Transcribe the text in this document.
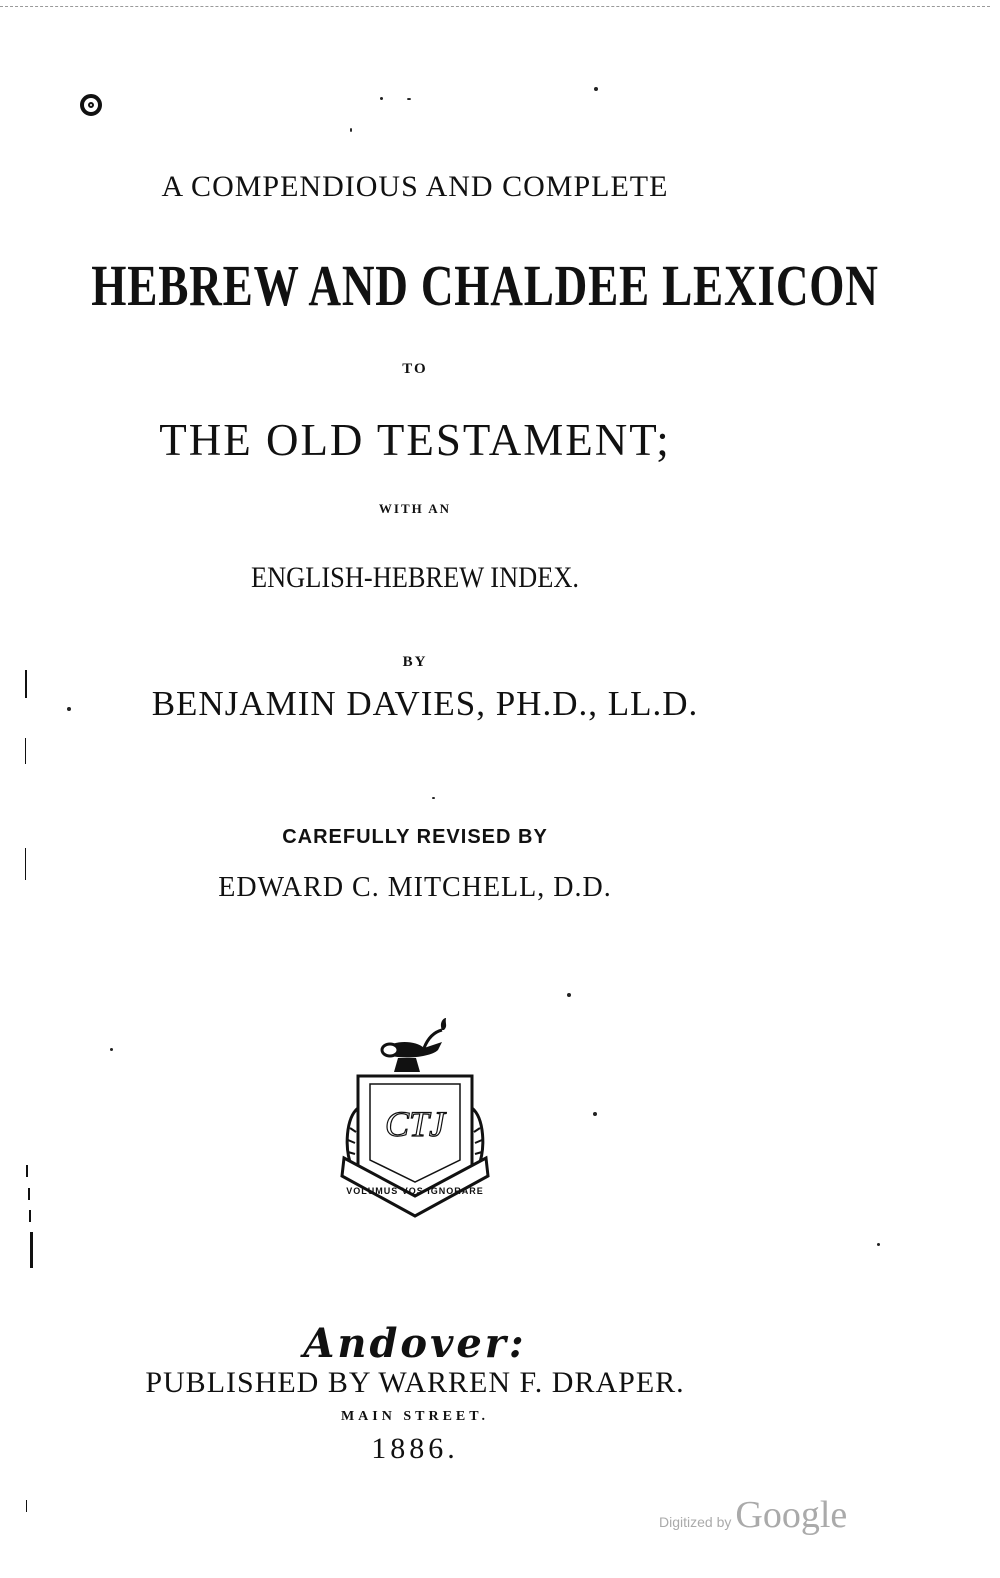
A COMPENDIOUS AND COMPLETE
HEBREW AND CHALDEE LEXICON
TO
THE OLD TESTAMENT;
WITH AN
ENGLISH-HEBREW INDEX.
BY
BENJAMIN DAVIES, PH.D., LL.D.
CAREFULLY REVISED BY
EDWARD C. MITCHELL, D.D.
VOLUMUS VOS IGNORARE
CTJ
Andover:
PUBLISHED BY WARREN F. DRAPER.
MAIN STREET.
1886.
Digitized by Google
